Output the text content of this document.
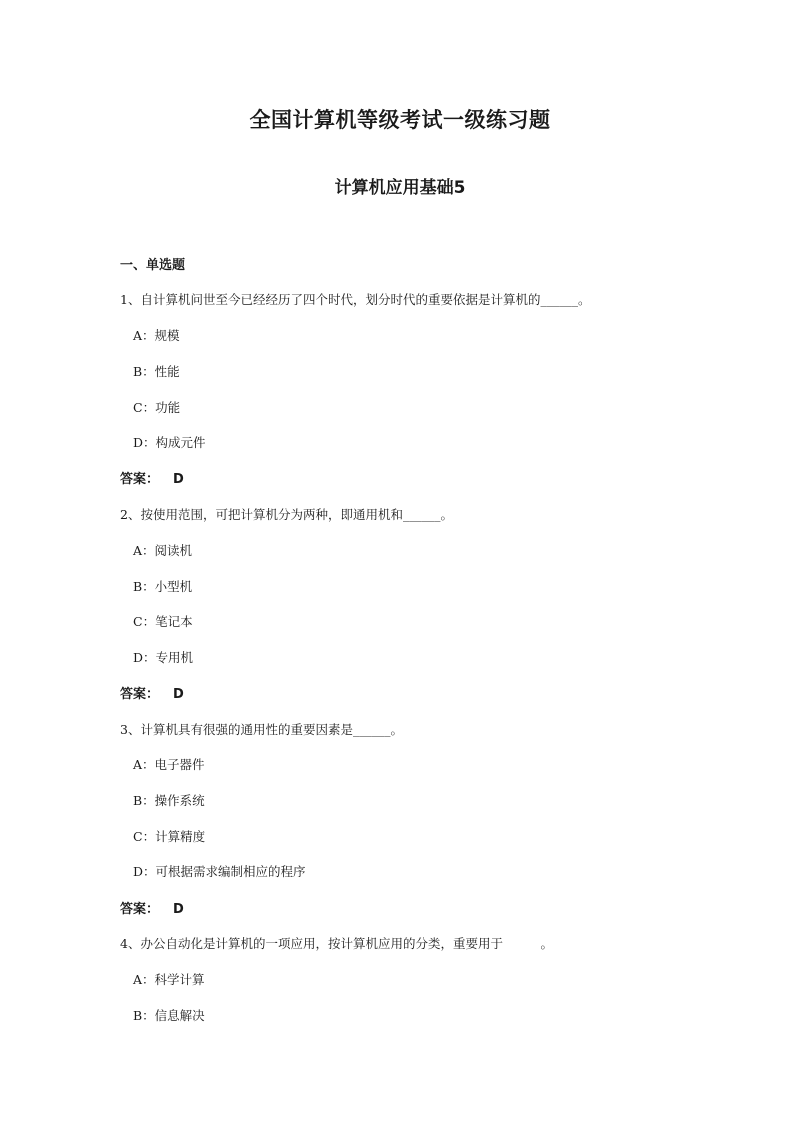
全国计算机等级考试一级练习题
计算机应用基础5
一、单选题
1、自计算机问世至今已经经历了四个时代，划分时代的重要依据是计算机的______。
A：规模
B：性能
C：功能
D：构成元件
答案： D
2、按使用范围，可把计算机分为两种，即通用机和______。
A：阅读机
B：小型机
C：笔记本
D：专用机
答案： D
3、计算机具有很强的通用性的重要因素是______。
A：电子器件
B：操作系统
C：计算精度
D：可根据需求编制相应的程序
答案： D
4、办公自动化是计算机的一项应用，按计算机应用的分类，重要用于　　　。
A：科学计算
B：信息解决
